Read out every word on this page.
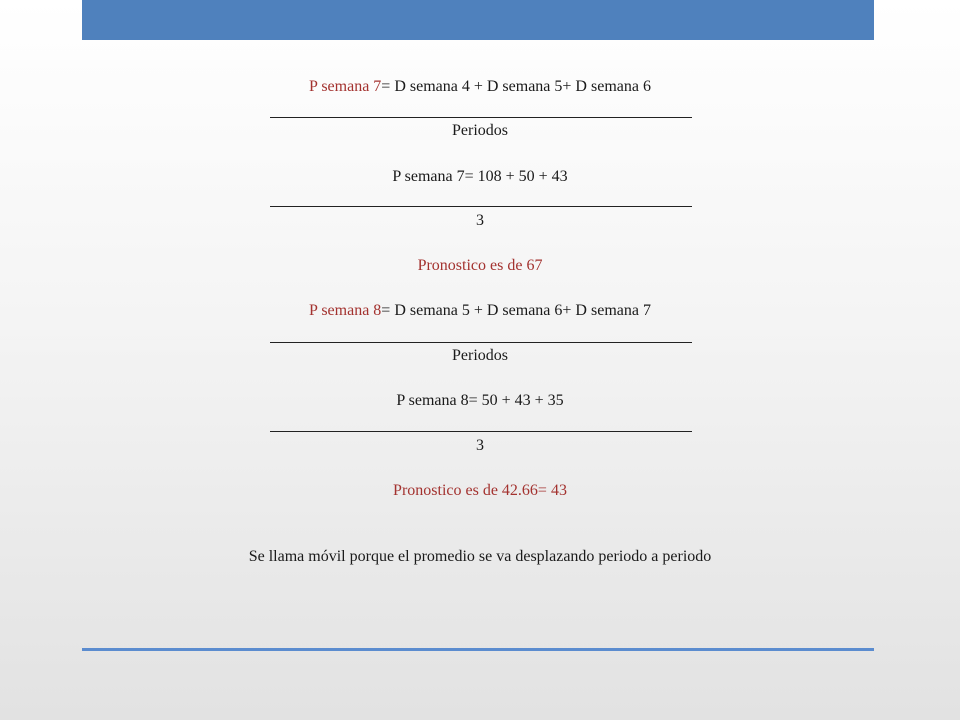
P semana 7= D semana 4 + D semana 5+ D semana 6
Periodos
P semana 7= 108 + 50 + 43
3
Pronostico es de 67
P semana 8= D semana 5 + D semana 6+ D semana 7
Periodos
P semana 8= 50 + 43 + 35
3
Pronostico es de 42.66= 43
Se llama móvil porque el promedio se va desplazando periodo a periodo
